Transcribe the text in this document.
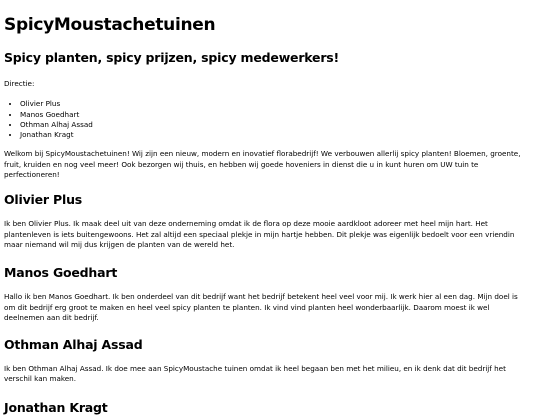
SpicyMoustachetuinen
Spicy planten, spicy prijzen, spicy medewerkers!

Directie:

• Olivier Plus
• Manos Goedhart
• Othman Alhaj Assad
• Jonathan Kragt

Welkom bij SpicyMoustachetuinen! Wij zijn een nieuw, modern en inovatief florabedrijf! We verbouwen allerlij spicy planten! Bloemen, groente, fruit, kruiden en nog veel meer! Ook bezorgen wij thuis, en hebben wij goede hoveniers in dienst die u in kunt huren om UW tuin te perfectioneren!

Olivier Plus

Ik ben Olivier Plus. Ik maak deel uit van deze onderneming omdat ik de flora op deze mooie aardkloot adoreer met heel mijn hart. Het plantenleven is iets buitengewoons. Het zal altijd een speciaal plekje in mijn hartje hebben. Dit plekje was eigenlijk bedoelt voor een vriendin maar niemand wil mij dus krijgen de planten van de wereld het.

Manos Goedhart

Hallo ik ben Manos Goedhart. Ik ben onderdeel van dit bedrijf want het bedrijf betekent heel veel voor mij. Ik werk hier al een dag. Mijn doel is om dit bedrijf erg groot te maken en heel veel spicy planten te planten. Ik vind vind planten heel wonderbaarlijk. Daarom moest ik wel deelnemen aan dit bedrijf.

Othman Alhaj Assad

Ik ben Othman Alhaj Assad. Ik doe mee aan SpicyMoustache tuinen omdat ik heel begaan ben met het milieu, en ik denk dat dit bedrijf het verschil kan maken.

Jonathan Kragt
